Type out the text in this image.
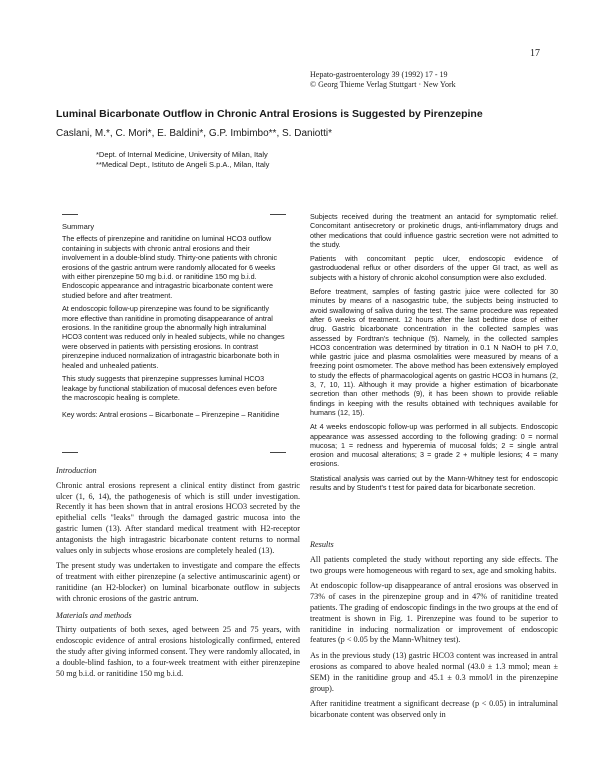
17
Hepato-gastroenterology 39 (1992) 17 - 19
© Georg Thieme Verlag Stuttgart · New York
Luminal Bicarbonate Outflow in Chronic Antral Erosions is Suggested by Pirenzepine
Caslani, M.*, C. Mori*, E. Baldini*, G.P. Imbimbo**, S. Daniotti*
*Dept. of Internal Medicine, University of Milan, Italy
**Medical Dept., Istituto de Angeli S.p.A., Milan, Italy
Summary

The effects of pirenzepine and ranitidine on luminal HCO3 outflow containing in subjects with chronic antral erosions and their involvement in a double-blind study. Thirty-one patients with chronic erosions of the gastric antrum were randomly allocated for 6 weeks with either pirenzepine 50 mg b.i.d. or ranitidine 150 mg b.i.d. Endoscopic appearance and intragastric bicarbonate content were studied before and after treatment.

At endoscopic follow-up pirenzepine was found to be significantly more effective than ranitidine in promoting disappearance of antral erosions. In the ranitidine group the abnormally high intraluminal HCO3 content was reduced only in healed subjects, while no changes were observed in patients with persisting erosions. In contrast pirenzepine induced normalization of intragastric bicarbonate both in healed and unhealed patients.

This study suggests that pirenzepine suppresses luminal HCO3 leakage by functional stabilization of mucosal defences even before the macroscopic healing is complete.

Key words: Antral erosions – Bicarbonate – Pirenzepine – Ranitidine
Introduction

Chronic antral erosions represent a clinical entity distinct from gastric ulcer (1, 6, 14), the pathogenesis of which is still under investigation. Recently it has been shown that in antral erosions HCO3 secreted by the epithelial cells "leaks" through the damaged gastric mucosa into the gastric lumen (13). After standard medical treatment with H2-receptor antagonists the high intragastric bicarbonate content returns to normal values only in subjects whose erosions are completely healed (13).

The present study was undertaken to investigate and compare the effects of treatment with either pirenzepine (a selective antimuscarinic agent) or ranitidine (an H2-blocker) on luminal bicarbonate outflow in subjects with chronic erosions of the gastric antrum.

Materials and methods

Thirty outpatients of both sexes, aged between 25 and 75 years, with endoscopic evidence of antral erosions histologically confirmed, entered the study after giving informed consent. They were randomly allocated, in a double-blind fashion, to a four-week treatment with either pirenzepine 50 mg b.i.d. or ranitidine 150 mg b.i.d.

Subjects received during the treatment an antacid for symptomatic relief. Concomitant antisecretory or prokinetic drugs, anti-inflammatory drugs and other medications that could influence gastric secretion were not admitted to the study.

Patients with concomitant peptic ulcer, endoscopic evidence of gastroduodenal reflux or other disorders of the upper GI tract, as well as subjects with a history of chronic alcohol consumption were also excluded.

Before treatment, samples of fasting gastric juice were collected for 30 minutes by means of a nasogastric tube, the subjects being instructed to avoid swallowing of saliva during the test. The same procedure was repeated after 6 weeks of treatment. 12 hours after the last bedtime dose of either drug. Gastric bicarbonate concentration in the collected samples was assessed by Fordtran's technique (5). Namely, in the collected samples HCO3 concentration was determined by titration in 0.1 N NaOH to pH 7.0, while gastric juice and plasma osmolalities were measured by means of a freezing point osmometer. The above method has been extensively employed to study the effects of pharmacological agents on gastric HCO3 in humans (2, 3, 7, 10, 11). Although it may provide a higher estimation of bicarbonate secretion than other methods (9), it has been shown to provide reliable findings in keeping with the results obtained with techniques available for humans (12, 15).

At 4 weeks endoscopic follow-up was performed in all subjects. Endoscopic appearance was assessed according to the following grading: 0 = normal mucosa; 1 = redness and hyperemia of mucosal folds; 2 = single antral erosion and mucosal alterations; 3 = grade 2 + multiple lesions; 4 = many erosions.

Statistical analysis was carried out by the Mann-Whitney test for endoscopic results and by Student's t test for paired data for bicarbonate secretion.

Results

All patients completed the study without reporting any side effects. The two groups were homogeneous with regard to sex, age and smoking habits.

At endoscopic follow-up disappearance of antral erosions was observed in 73% of cases in the pirenzepine group and in 47% of ranitidine treated patients. The grading of endoscopic findings in the two groups at the end of treatment is shown in Fig. 1. Pirenzepine was found to be superior to ranitidine in inducing normalization or improvement of endoscopic features (p < 0.05 by the Mann-Whitney test).

As in the previous study (13) gastric HCO3 content was increased in antral erosions as compared to above healed normal (43.0 ± 1.3 mmol; mean ± SEM) in the ranitidine group and 45.1 ± 0.3 mmol/l in the pirenzepine group).

After ranitidine treatment a significant decrease (p < 0.05) in intraluminal bicarbonate content was observed only in
